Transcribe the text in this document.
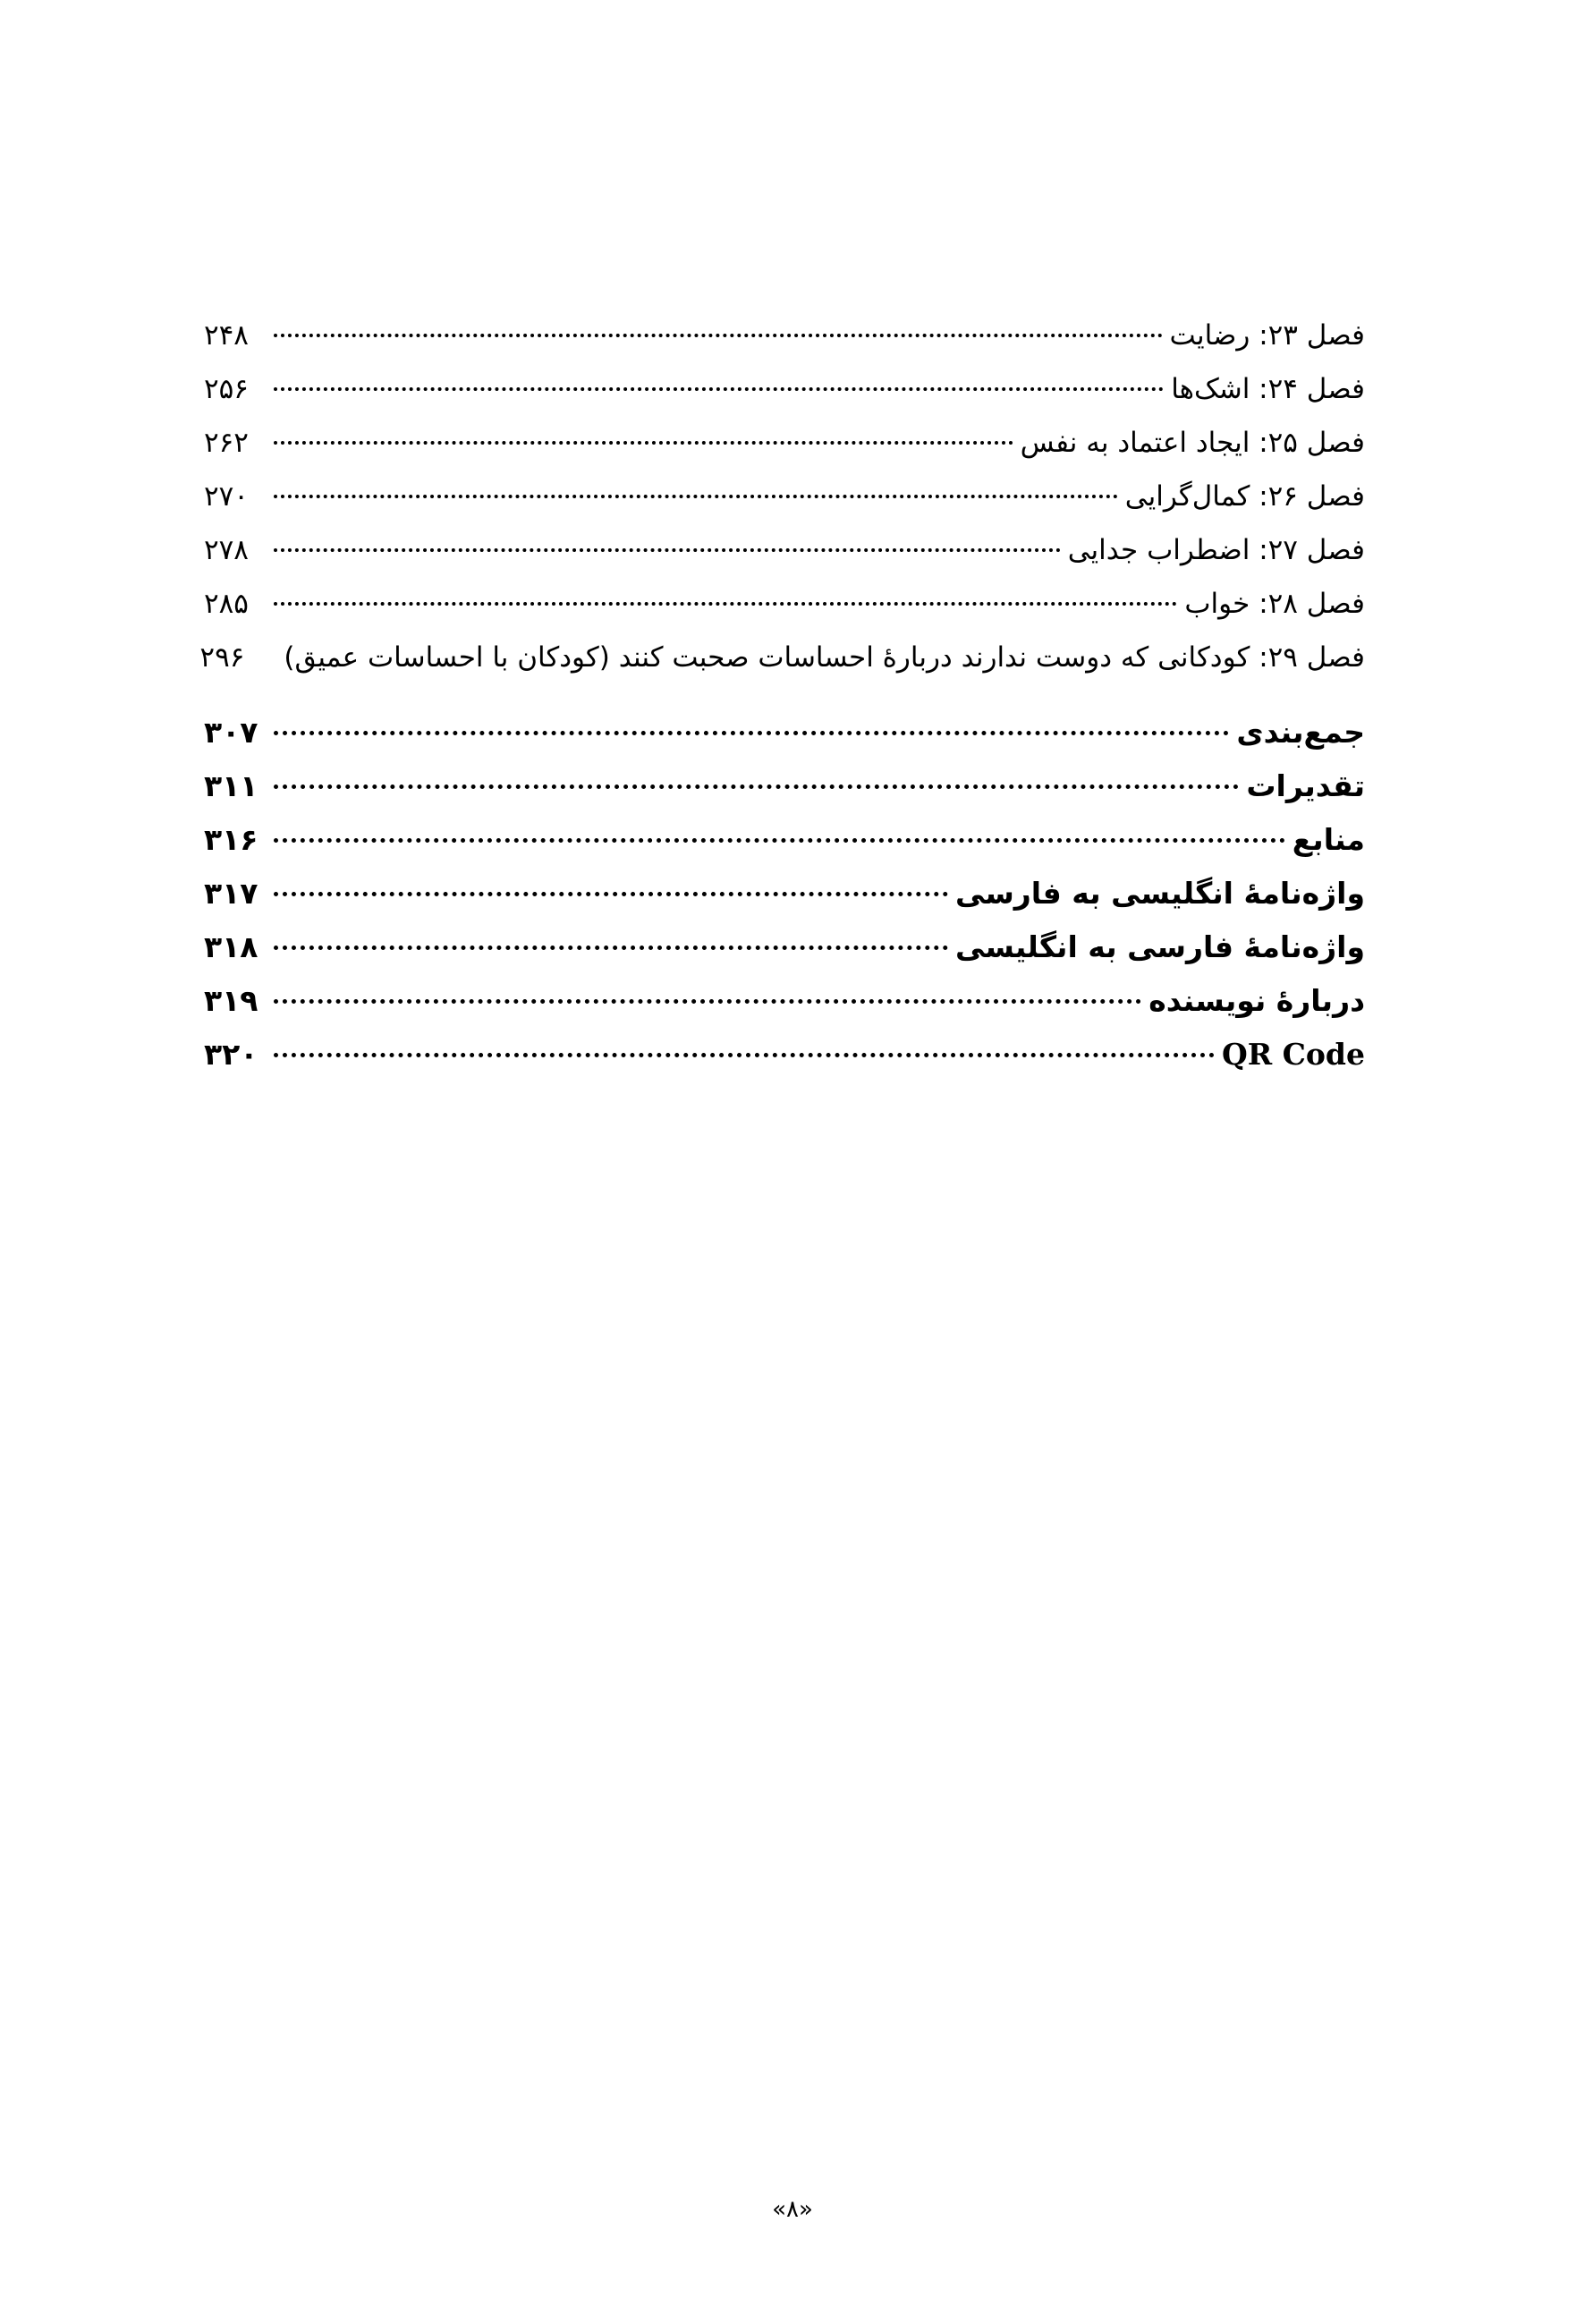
فصل ۲۳: رضایت
۲۴۸
فصل ۲۴: اشک‌ها
۲۵۶
فصل ۲۵: ایجاد اعتماد به نفس
۲۶۲
فصل ۲۶: کمال‌گرایی
۲۷۰
فصل ۲۷: اضطراب جدایی
۲۷۸
فصل ۲۸: خواب
۲۸۵
فصل ۲۹: کودکانی که دوست ندارند دربارۀ احساسات صحبت کنند (کودکان با احساسات عمیق)
۲۹۶
جمع‌بندی
۳۰۷
تقدیرات
۳۱۱
منابع
۳۱۶
واژه‌نامۀ انگلیسی به فارسی
۳۱۷
واژه‌نامۀ فارسی به انگلیسی
۳۱۸
دربارۀ نویسنده
۳۱۹
QR Code
۳۲۰
«۸»
